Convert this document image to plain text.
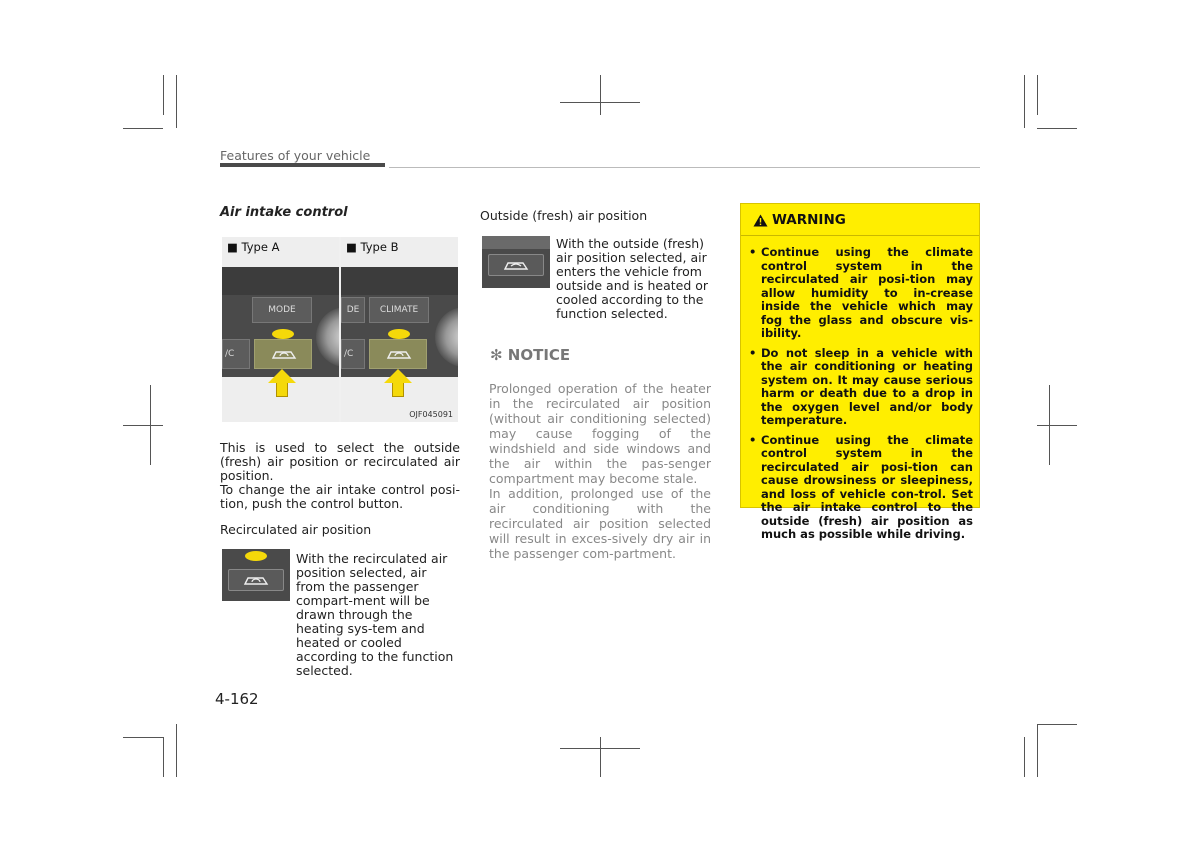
Features of your vehicle
Air intake control
■ Type A
MODE
/C
■ Type B
DE	CLIMATE
/C
OJF045091
This is used to select the outside (fresh) air position or recirculated air position.
To change the air intake control posi-tion, push the control button.
Recirculated air position
With the recirculated air position selected, air from the passenger compart-ment will be drawn through the heating sys-tem and heated or cooled according to the function selected.
Outside (fresh) air position
With the outside (fresh) air position selected, air enters the vehicle from outside and is heated or cooled according to the function selected.
✻ NOTICE
Prolonged operation of the heater in the recirculated air position (without air conditioning selected) may cause fogging of the windshield and side windows and the air within the pas-senger compartment may become stale.
In addition, prolonged use of the air conditioning with the recirculated air position selected will result in exces-sively dry air in the passenger com-partment.
WARNING
• Continue using the climate control system in the recirculated air posi-tion may allow humidity to in-crease inside the vehicle which may fog the glass and obscure vis-ibility.
• Do not sleep in a vehicle with the air conditioning or heating system on. It may cause serious harm or death due to a drop in the oxygen level and/or body temperature.
• Continue using the climate control system in the recirculated air posi-tion can cause drowsiness or sleepiness, and loss of vehicle con-trol. Set the air intake control to the outside (fresh) air position as much as possible while driving.
4-162
